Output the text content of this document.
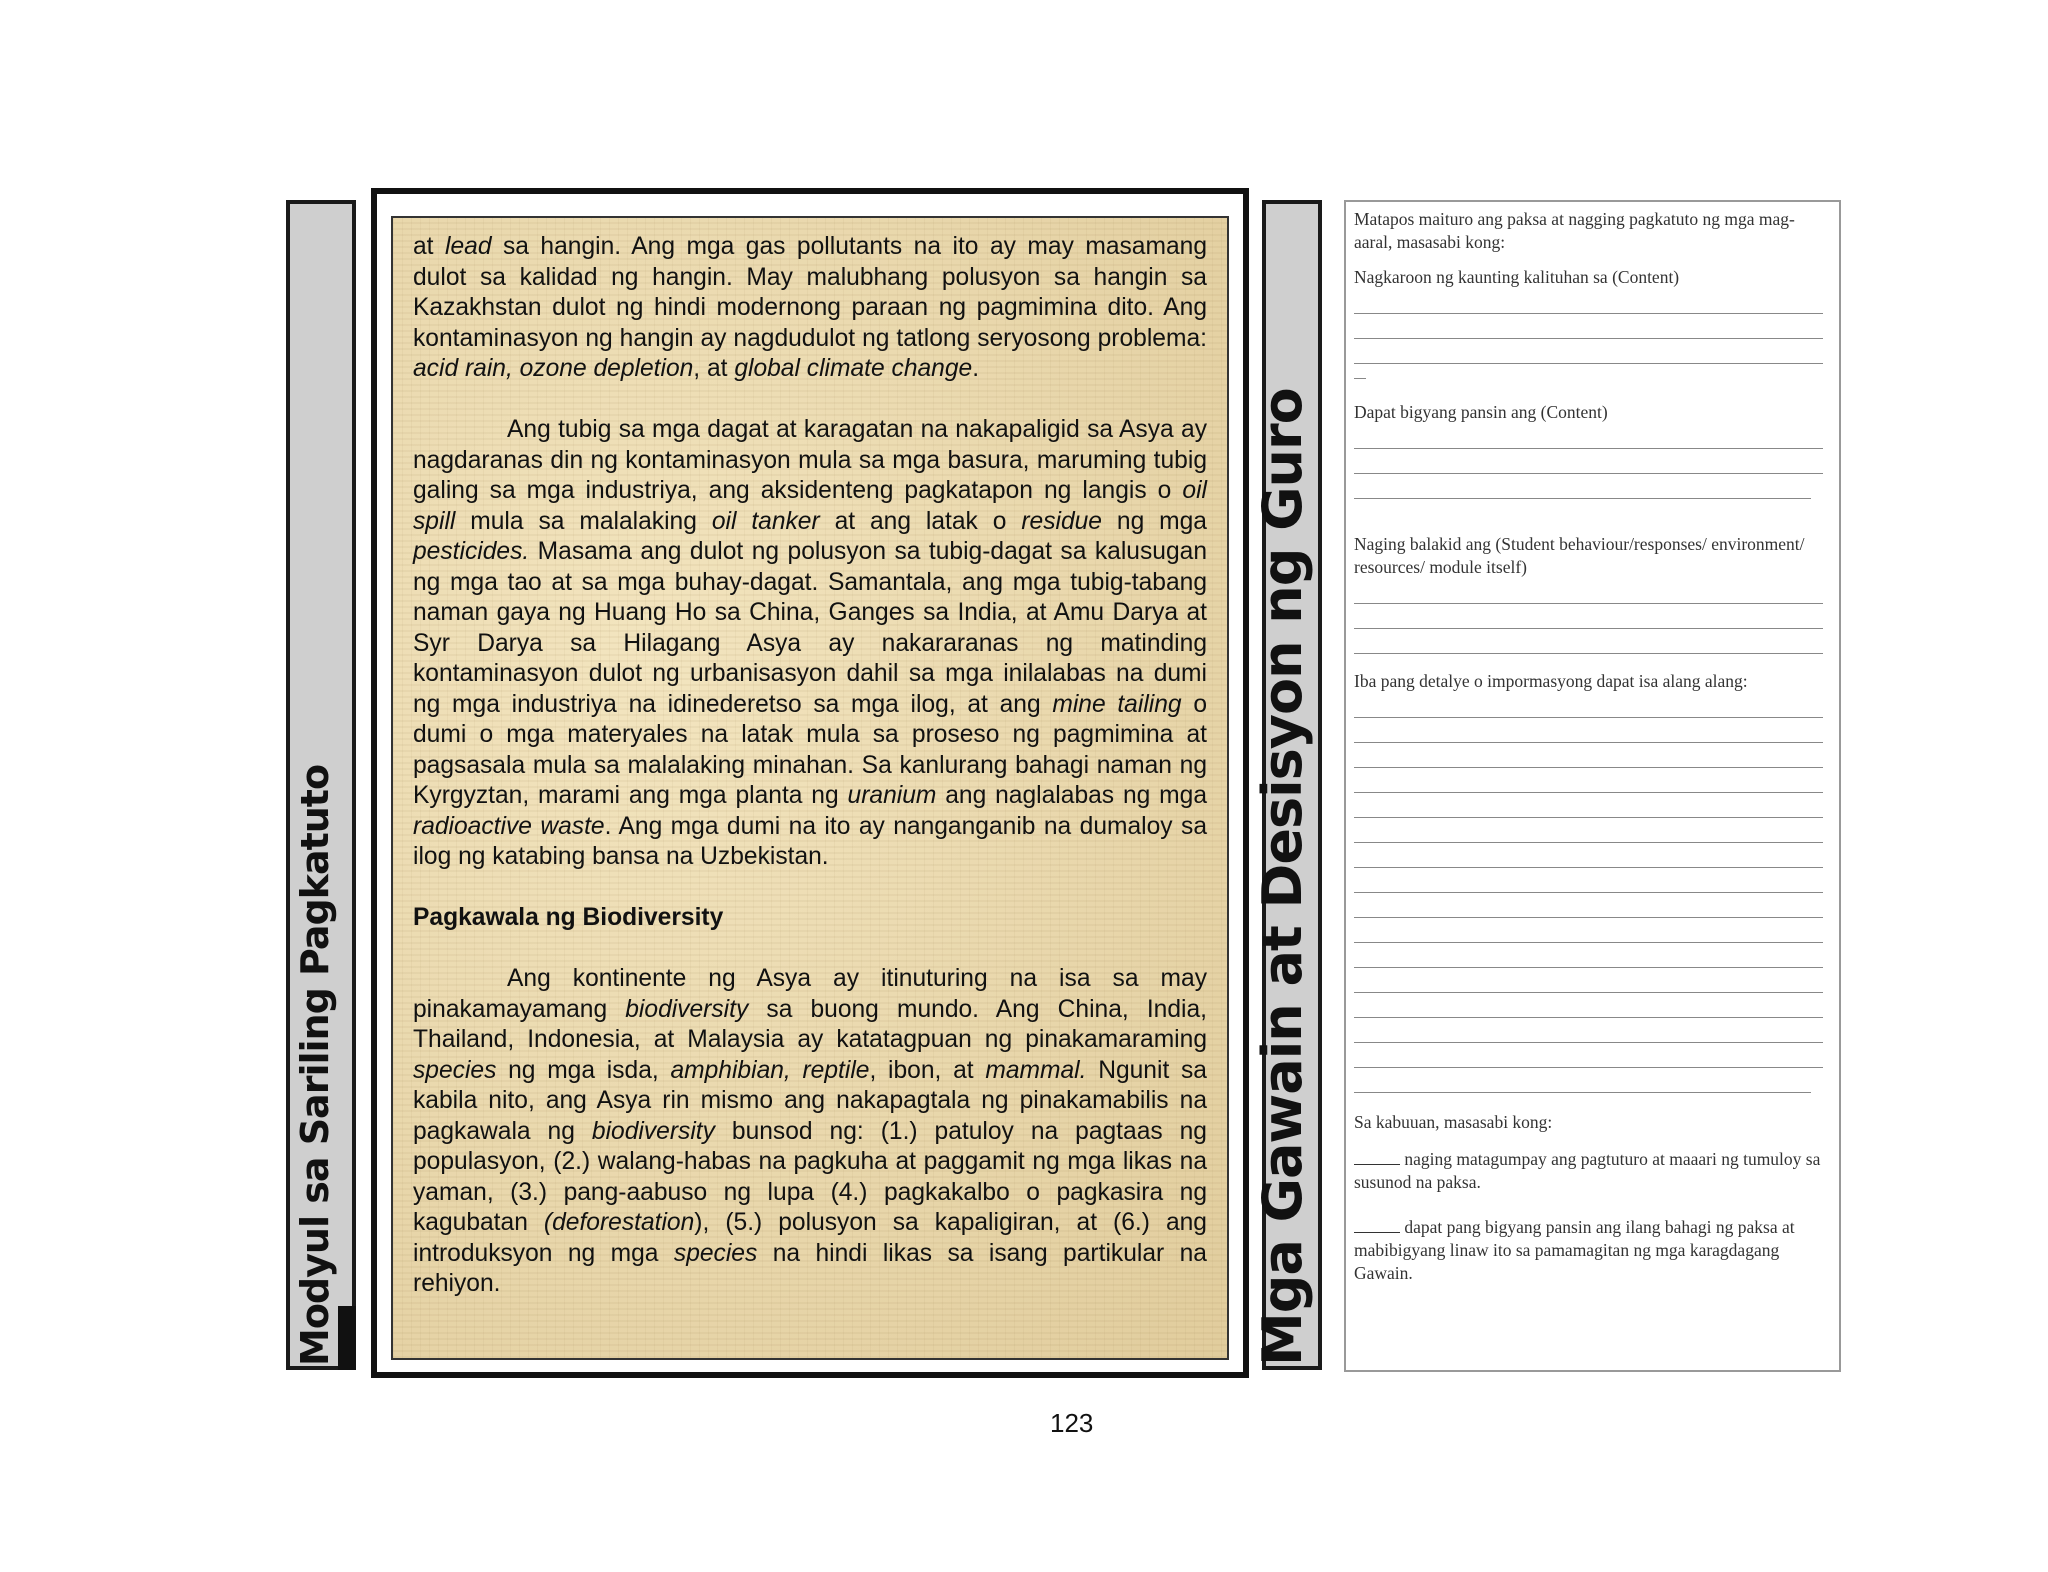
Modyul sa Sariling Pagkatuto

at lead sa hangin. Ang mga gas pollutants na ito ay may masamang dulot sa kalidad ng hangin. May malubhang polusyon sa hangin sa Kazakhstan dulot ng hindi modernong paraan ng pagmimina dito. Ang kontaminasyon ng hangin ay nagdudulot ng tatlong seryosong problema: acid rain, ozone depletion, at global climate change.

Ang tubig sa mga dagat at karagatan na nakapaligid sa Asya ay nagdaranas din ng kontaminasyon mula sa mga basura, maruming tubig galing sa mga industriya, ang aksidenteng pagkatapon ng langis o oil spill mula sa malalaking oil tanker at ang latak o residue ng mga pesticides. Masama ang dulot ng polusyon sa tubig-dagat sa kalusugan ng mga tao at sa mga buhay-dagat. Samantala, ang mga tubig-tabang naman gaya ng Huang Ho sa China, Ganges sa India, at Amu Darya at Syr Darya sa Hilagang Asya ay nakararanas ng matinding kontaminasyon dulot ng urbanisasyon dahil sa mga inilalabas na dumi ng mga industriya na idinederetso sa mga ilog, at ang mine tailing o dumi o mga materyales na latak mula sa proseso ng pagmimina at pagsasala mula sa malalaking minahan. Sa kanlurang bahagi naman ng Kyrgyztan, marami ang mga planta ng uranium ang naglalabas ng mga radioactive waste. Ang mga dumi na ito ay nanganganib na dumaloy sa ilog ng katabing bansa na Uzbekistan.

Pagkawala ng Biodiversity

Ang kontinente ng Asya ay itinuturing na isa sa may pinakamayamang biodiversity sa buong mundo. Ang China, India, Thailand, Indonesia, at Malaysia ay katatagpuan ng pinakamaraming species ng mga isda, amphibian, reptile, ibon, at mammal. Ngunit sa kabila nito, ang Asya rin mismo ang nakapagtala ng pinakamabilis na pagkawala ng biodiversity bunsod ng: (1.) patuloy na pagtaas ng populasyon, (2.) walang-habas na pagkuha at paggamit ng mga likas na yaman, (3.) pang-aabuso ng lupa (4.) pagkakalbo o pagkasira ng kagubatan (deforestation), (5.) polusyon sa kapaligiran, at (6.) ang introduksyon ng mga species na hindi likas sa isang partikular na rehiyon.	Mga Gawain at Desisyon ng Guro

Matapos maituro ang paksa at nagging pagkatuto ng mga mag-aaral, masasabi kong:

Nagkaroon ng kaunting kalituhan sa (Content)

Dapat bigyang pansin ang (Content)

Naging balakid ang (Student behaviour/responses/ environment/ resources/ module itself)

Iba pang detalye o impormasyong dapat isa alang alang:

Sa kabuuan, masasabi kong:

naging matagumpay ang pagtuturo at maaari ng tumuloy sa susunod na paksa.

dapat pang bigyang pansin ang ilang bahagi ng paksa at mabibigyang linaw ito sa pamamagitan ng mga karagdagang Gawain.

123
